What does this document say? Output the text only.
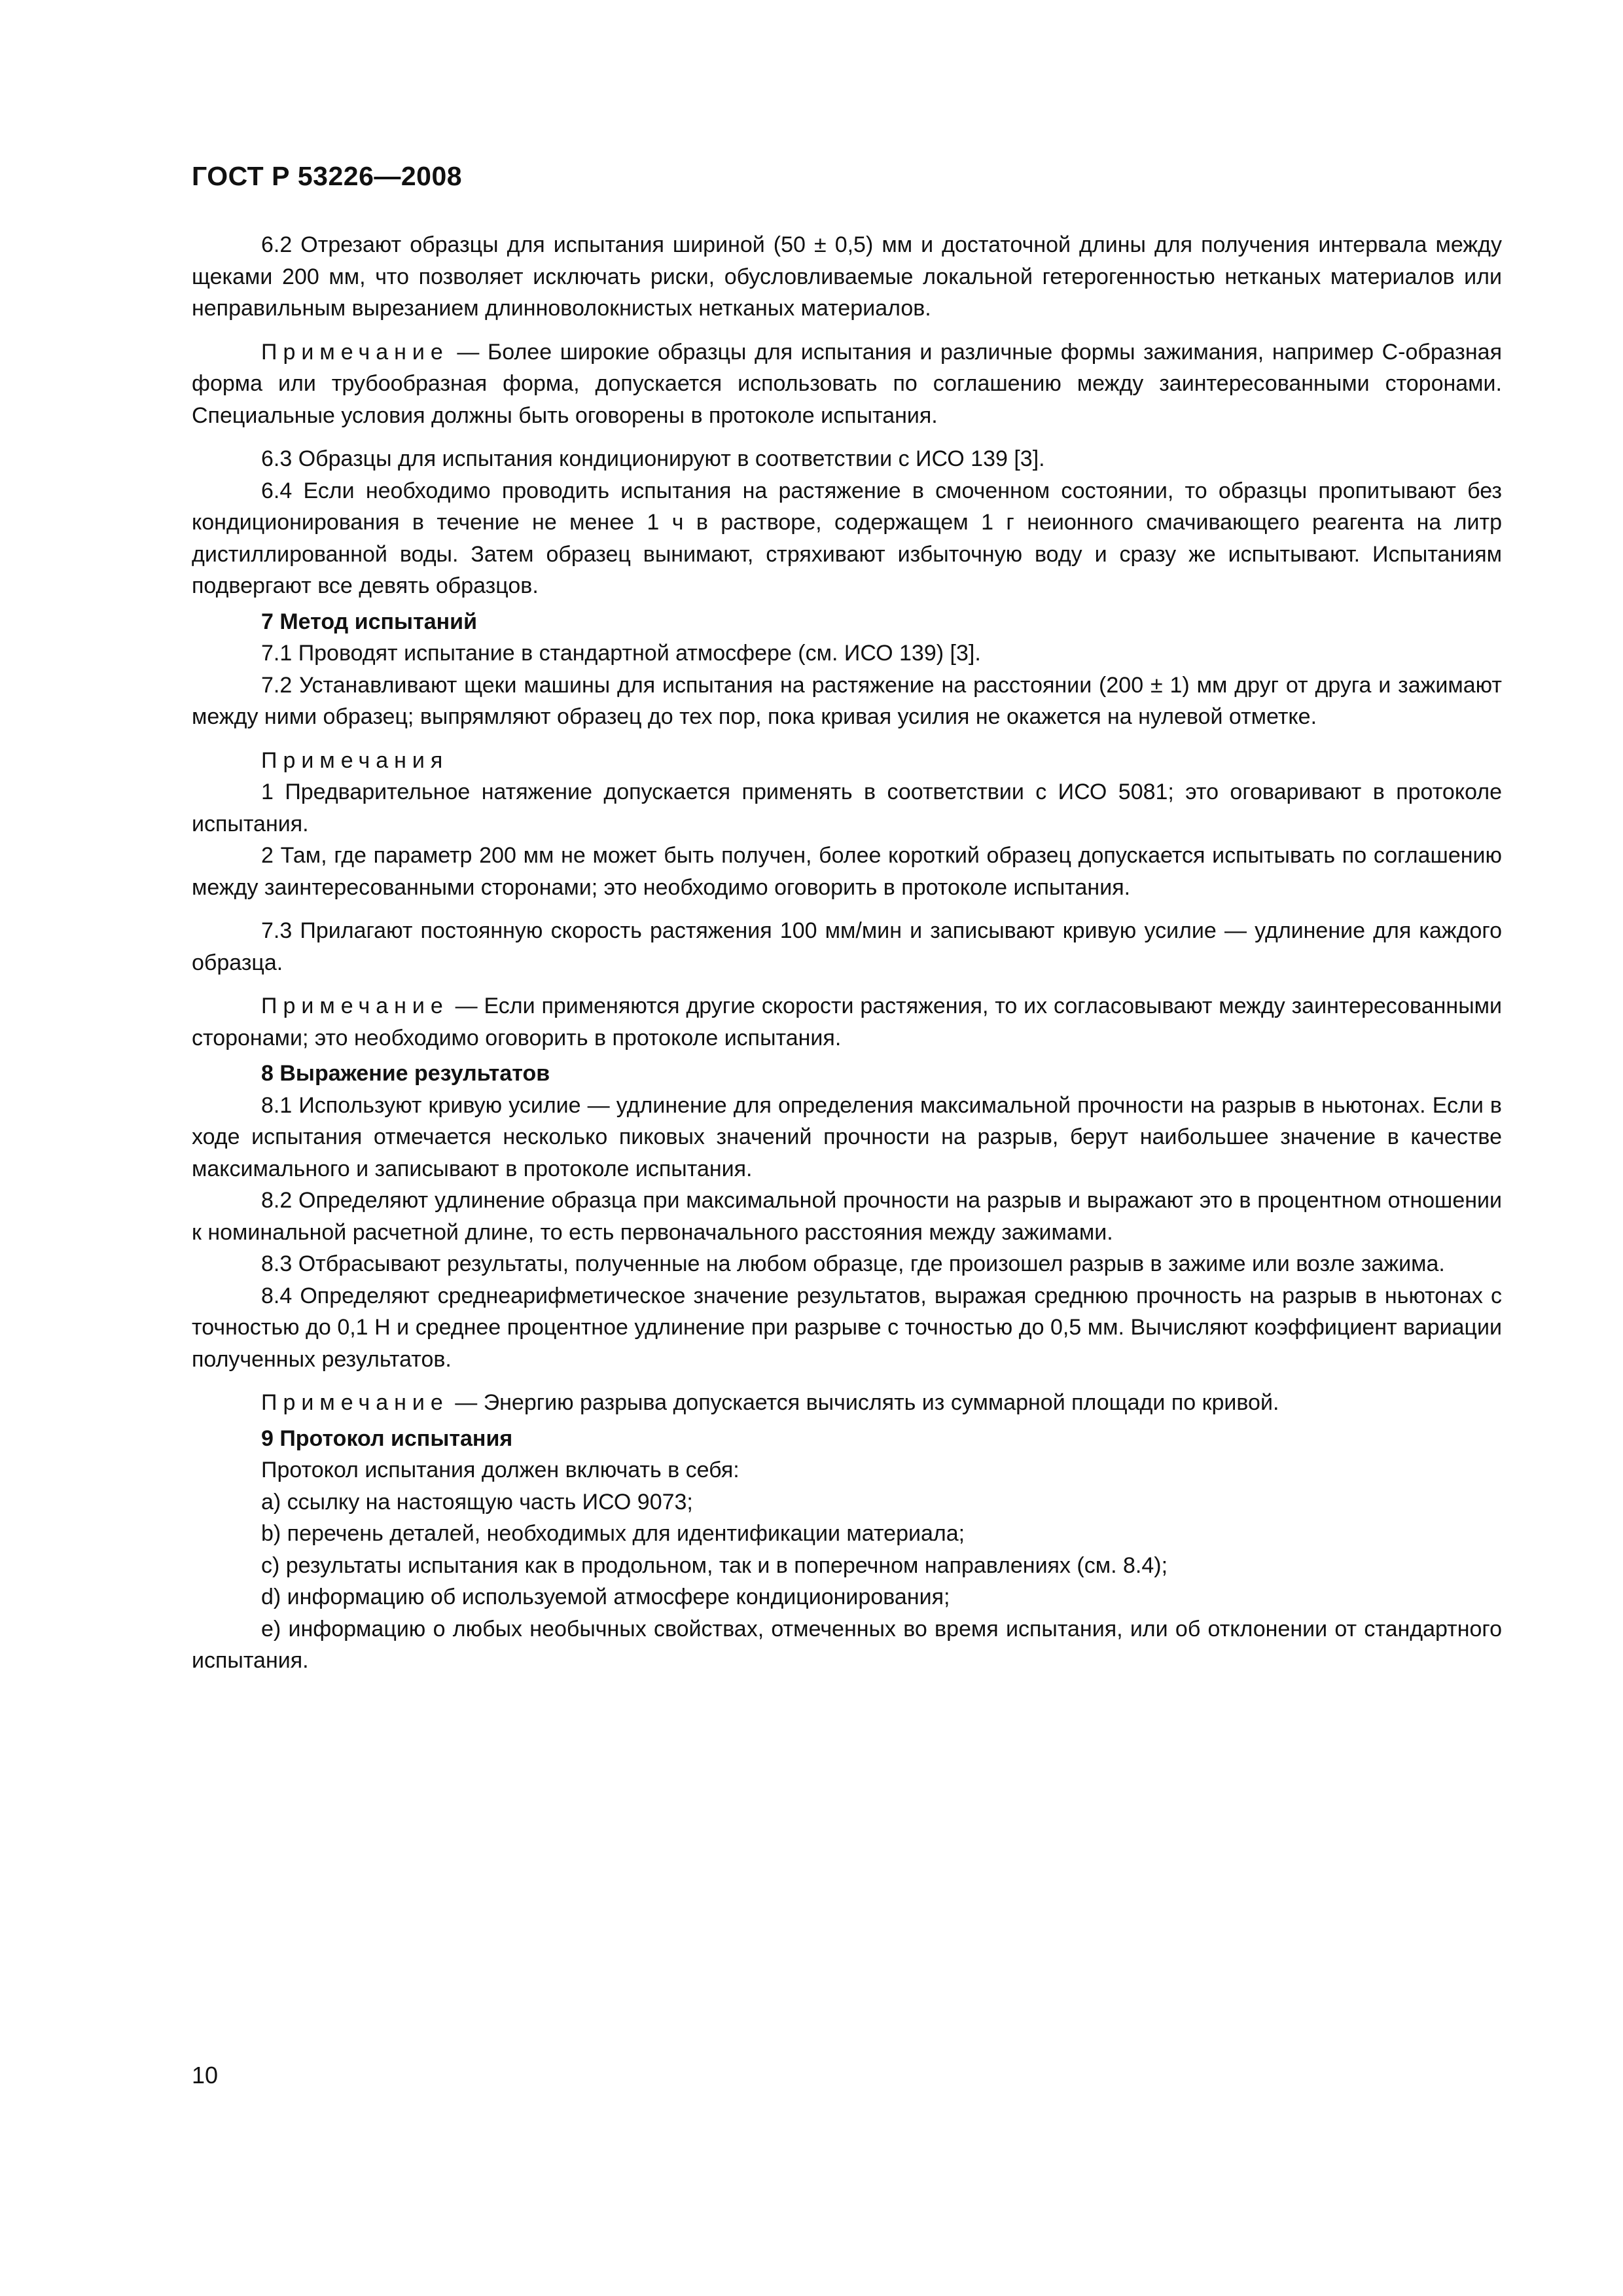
ГОСТ Р 53226—2008

6.2 Отрезают образцы для испытания шириной (50 ± 0,5) мм и достаточной длины для получения интервала между щеками 200 мм, что позволяет исключать риски, обусловливаемые локальной гетерогенностью нетканых материалов или неправильным вырезанием длинноволокнистых нетканых материалов.

Примечание — Более широкие образцы для испытания и различные формы зажимания, например С-образная форма или трубообразная форма, допускается использовать по соглашению между заинтересованными сторонами. Специальные условия должны быть оговорены в протоколе испытания.

6.3 Образцы для испытания кондиционируют в соответствии с ИСО 139 [3].

6.4 Если необходимо проводить испытания на растяжение в смоченном состоянии, то образцы пропитывают без кондиционирования в течение не менее 1 ч в растворе, содержащем 1 г неионного смачивающего реагента на литр дистиллированной воды. Затем образец вынимают, стряхивают избыточную воду и сразу же испытывают. Испытаниям подвергают все девять образцов.

7 Метод испытаний

7.1 Проводят испытание в стандартной атмосфере (см. ИСО 139) [3].

7.2 Устанавливают щеки машины для испытания на растяжение на расстоянии (200 ± 1) мм друг от друга и зажимают между ними образец; выпрямляют образец до тех пор, пока кривая усилия не окажется на нулевой отметке.

Примечания

1 Предварительное натяжение допускается применять в соответствии с ИСО 5081; это оговаривают в протоколе испытания.

2 Там, где параметр 200 мм не может быть получен, более короткий образец допускается испытывать по соглашению между заинтересованными сторонами; это необходимо оговорить в протоколе испытания.

7.3 Прилагают постоянную скорость растяжения 100 мм/мин и записывают кривую усилие — удлинение для каждого образца.

Примечание — Если применяются другие скорости растяжения, то их согласовывают между заинтересованными сторонами; это необходимо оговорить в протоколе испытания.

8 Выражение результатов

8.1 Используют кривую усилие — удлинение для определения максимальной прочности на разрыв в ньютонах. Если в ходе испытания отмечается несколько пиковых значений прочности на разрыв, берут наибольшее значение в качестве максимального и записывают в протоколе испытания.

8.2 Определяют удлинение образца при максимальной прочности на разрыв и выражают это в процентном отношении к номинальной расчетной длине, то есть первоначального расстояния между зажимами.

8.3 Отбрасывают результаты, полученные на любом образце, где произошел разрыв в зажиме или возле зажима.

8.4 Определяют среднеарифметическое значение результатов, выражая среднюю прочность на разрыв в ньютонах с точностью до 0,1 Н и среднее процентное удлинение при разрыве с точностью до 0,5 мм. Вычисляют коэффициент вариации полученных результатов.

Примечание — Энергию разрыва допускается вычислять из суммарной площади по кривой.

9 Протокол испытания

Протокол испытания должен включать в себя:

a) ссылку на настоящую часть ИСО 9073;

b) перечень деталей, необходимых для идентификации материала;

c) результаты испытания как в продольном, так и в поперечном направлениях (см. 8.4);

d) информацию об используемой атмосфере кондиционирования;

e) информацию о любых необычных свойствах, отмеченных во время испытания, или об отклонении от стандартного испытания.

10
